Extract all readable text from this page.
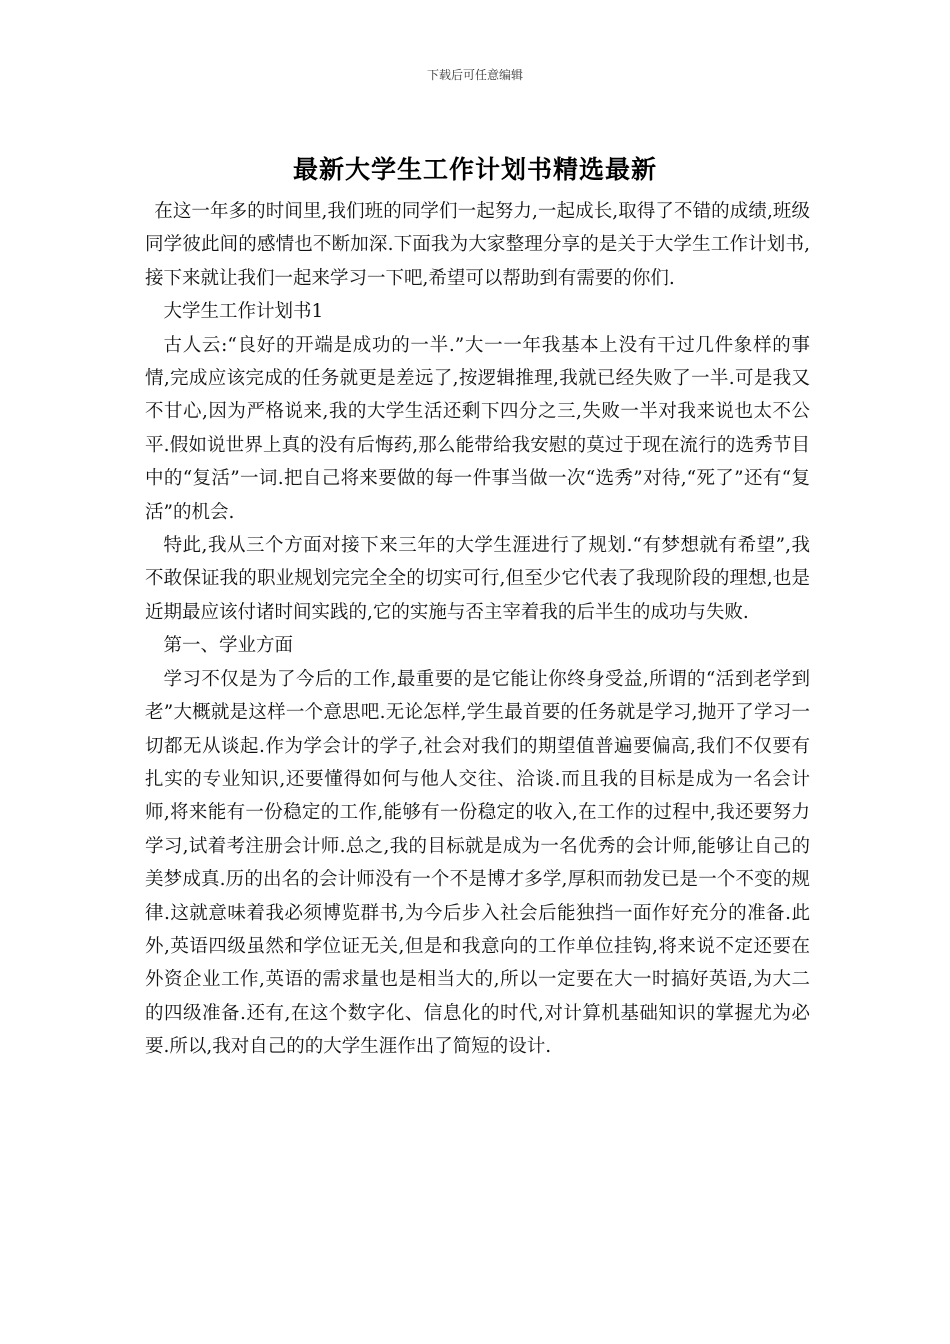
下载后可任意编辑
最新大学生工作计划书精选最新

在这一年多的时间里,我们班的同学们一起努力,一起成长,取得了不错的成绩,班级同学彼此间的感情也不断加深.下面我为大家整理分享的是关于大学生工作计划书,接下来就让我们一起来学习一下吧,希望可以帮助到有需要的你们.

大学生工作计划书1

古人云:“良好的开端是成功的一半.”大一一年我基本上没有干过几件象样的事情,完成应该完成的任务就更是差远了,按逻辑推理,我就已经失败了一半.可是我又不甘心,因为严格说来,我的大学生活还剩下四分之三,失败一半对我来说也太不公平.假如说世界上真的没有后悔药,那么能带给我安慰的莫过于现在流行的选秀节目中的“复活”一词.把自己将来要做的每一件事当做一次“选秀”对待,“死了”还有“复活”的机会.

特此,我从三个方面对接下来三年的大学生涯进行了规划.“有梦想就有希望”,我不敢保证我的职业规划完完全全的切实可行,但至少它代表了我现阶段的理想,也是近期最应该付诸时间实践的,它的实施与否主宰着我的后半生的成功与失败.

第一、学业方面

学习不仅是为了今后的工作,最重要的是它能让你终身受益,所谓的“活到老学到老”大概就是这样一个意思吧.无论怎样,学生最首要的任务就是学习,抛开了学习一切都无从谈起.作为学会计的学子,社会对我们的期望值普遍要偏高,我们不仅要有扎实的专业知识,还要懂得如何与他人交往、洽谈.而且我的目标是成为一名会计师,将来能有一份稳定的工作,能够有一份稳定的收入,在工作的过程中,我还要努力学习,试着考注册会计师.总之,我的目标就是成为一名优秀的会计师,能够让自己的美梦成真.历的出名的会计师没有一个不是博才多学,厚积而勃发已是一个不变的规律.这就意味着我必须博览群书,为今后步入社会后能独挡一面作好充分的准备.此外,英语四级虽然和学位证无关,但是和我意向的工作单位挂钩,将来说不定还要在外资企业工作,英语的需求量也是相当大的,所以一定要在大一时搞好英语,为大二的四级准备.还有,在这个数字化、信息化的时代,对计算机基础知识的掌握尤为必要.所以,我对自己的的大学生涯作出了简短的设计.
